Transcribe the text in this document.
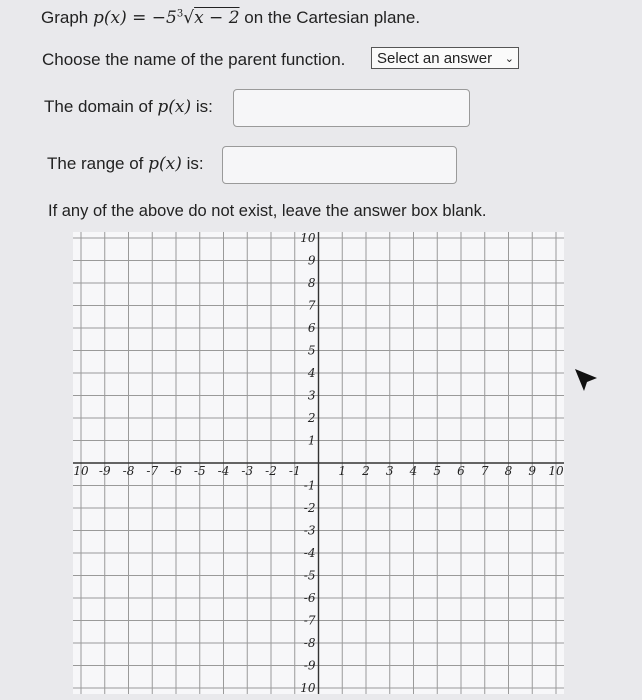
Graph $p(x) = -5^3√x - 2$ on the Cartesian plane.
Choose the name of the parent function.	Select an answer ⌄
The domain of p(x) is:
The range of p(x) is:
If any of the above do not exist, leave the answer box blank.
10 -9 -8 -7 -6 -5 -4 -3 -2 -1	1 2 3 4 5 6 7 8 9 10
10
9
8
7
6
5
4
3
2
1
-1
-2
-3
-4
-5
-6
-7
-8
-9
10
